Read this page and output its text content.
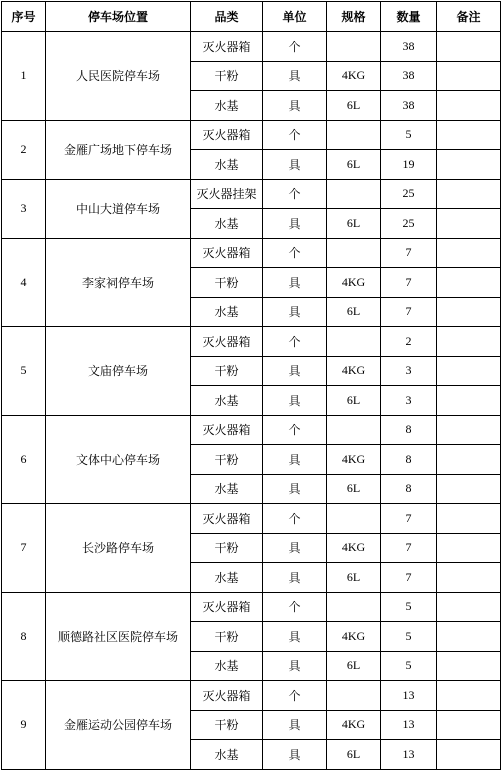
序号	停车场位置	品类	单位	规格	数量	备注
1	人民医院停车场	灭火器箱	个		38	
		干粉	具	4KG	38	
		水基	具	6L	38	
2	金雁广场地下停车场	灭火器箱	个		5	
		水基	具	6L	19	
3	中山大道停车场	灭火器挂架	个		25	
		水基	具	6L	25	
4	李家祠停车场	灭火器箱	个		7	
		干粉	具	4KG	7	
		水基	具	6L	7	
5	文庙停车场	灭火器箱	个		2	
		干粉	具	4KG	3	
		水基	具	6L	3	
6	文体中心停车场	灭火器箱	个		8	
		干粉	具	4KG	8	
		水基	具	6L	8	
7	长沙路停车场	灭火器箱	个		7	
		干粉	具	4KG	7	
		水基	具	6L	7	
8	顺德路社区医院停车场	灭火器箱	个		5	
		干粉	具	4KG	5	
		水基	具	6L	5	
9	金雁运动公园停车场	灭火器箱	个		13	
		干粉	具	4KG	13	
		水基	具	6L	13	
